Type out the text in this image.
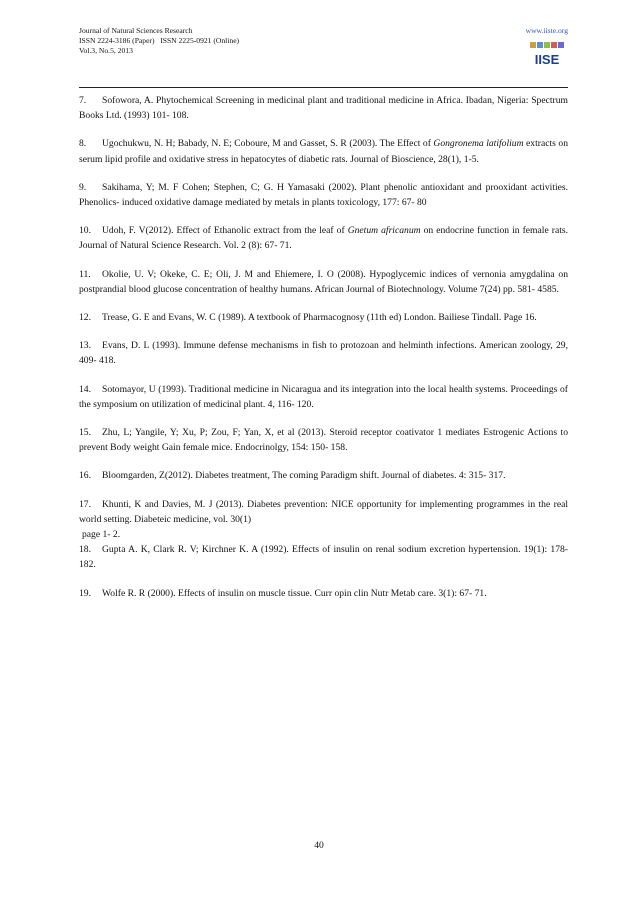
Journal of Natural Sciences Research
ISSN 2224-3186 (Paper)   ISSN 2225-0921 (Online)
Vol.3, No.5, 2013
www.iiste.org
IISE

7. Sofowora, A. Phytochemical Screening in medicinal plant and traditional medicine in Africa. Ibadan, Nigeria: Spectrum Books Ltd. (1993) 101- 108.

8. Ugochukwu, N. H; Babady, N. E; Coboure, M and Gasset, S. R (2003). The Effect of Gongronema latifolium extracts on serum lipid profile and oxidative stress in hepatocytes of diabetic rats. Journal of Bioscience, 28(1), 1-5.

9. Sakihama, Y; M. F Cohen; Stephen, C; G. H Yamasaki (2002). Plant phenolic antioxidant and prooxidant activities. Phenolics- induced oxidative damage mediated by metals in plants toxicology, 177: 67- 80

10. Udoh, F. V(2012). Effect of Ethanolic extract from the leaf of Gnetum africanum on endocrine function in female rats. Journal of Natural Science Research. Vol. 2 (8): 67- 71.

11. Okolie, U. V; Okeke, C. E; Oli, J. M and Ehiemere, I. O (2008). Hypoglycemic indices of vernonia amygdalina on postprandial blood glucose concentration of healthy humans. African Journal of Biotechnology. Volume 7(24) pp. 581- 4585.

12. Trease, G. E and Evans, W. C (1989). A textbook of Pharmacognosy (11th ed) London. Bailiese Tindall. Page 16.

13. Evans, D. L (1993). Immune defense mechanisms in fish to protozoan and helminth infections. American zoology, 29, 409- 418.

14. Sotomayor, U (1993). Traditional medicine in Nicaragua and its integration into the local health systems. Proceedings of the symposium on utilization of medicinal plant. 4, 116- 120.

15. Zhu, L; Yangile, Y; Xu, P; Zou, F; Yan, X, et al (2013). Steroid receptor coativator 1 mediates Estrogenic Actions to prevent Body weight Gain female mice. Endocrinolgy, 154: 150- 158.

16. Bloomgarden, Z(2012). Diabetes treatment, The coming Paradigm shift. Journal of diabetes. 4: 315- 317.

17. Khunti, K and Davies, M. J (2013). Diabetes prevention: NICE opportunity for implementing programmes in the real world setting. Diabeteic medicine, vol. 30(1)
page 1- 2.

18. Gupta A. K, Clark R. V; Kirchner K. A (1992). Effects of insulin on renal sodium excretion hypertension. 19(1): 178- 182.

19. Wolfe R. R (2000). Effects of insulin on muscle tissue. Curr opin clin Nutr Metab care. 3(1): 67- 71.

40
